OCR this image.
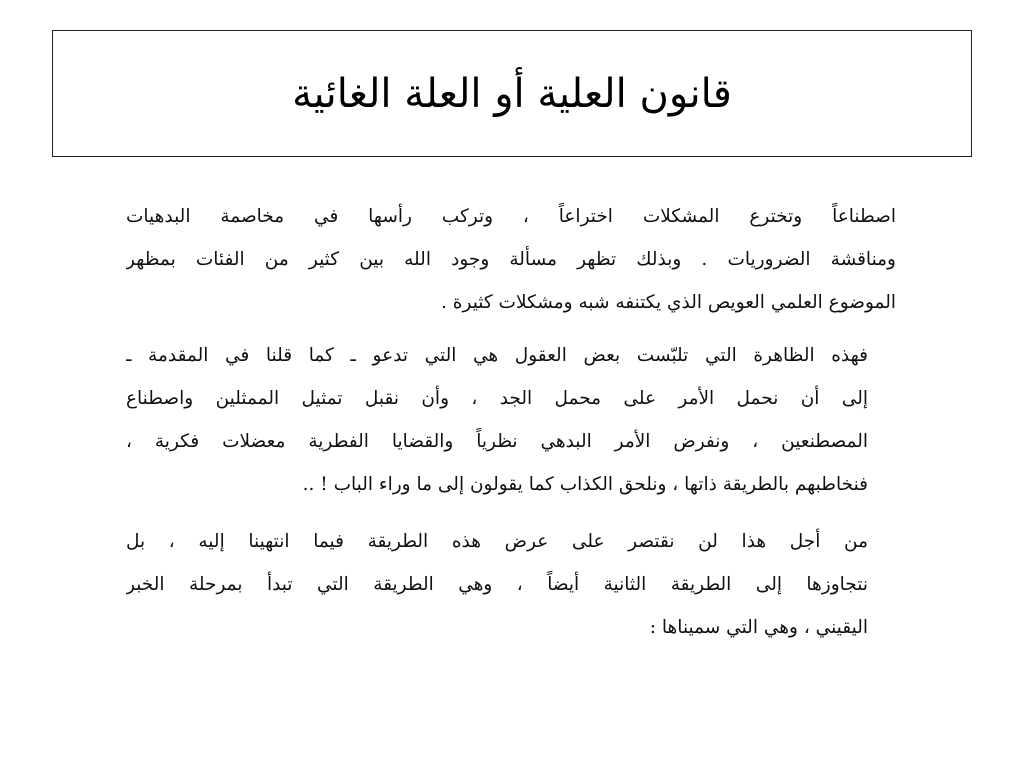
قانون العلية أو العلة الغائية

اصطناعاً وتخترع المشكلات اختراعاً ، وتركب رأسها في مخاصمة البدهيات
ومناقشة الضروريات . وبذلك تظهر مسألة وجود الله بين كثير من الفئات بمظهر
الموضوع العلمي العويص الذي يكتنفه شبه ومشكلات كثيرة .

فهذه الظاهرة التي تلبّست بعض العقول هي التي تدعو ـ كما قلنا في المقدمة ـ
إلى أن نحمل الأمر على محمل الجد ، وأن نقبل تمثيل الممثلين واصطناع
المصطنعين ، ونفرض الأمر البدهي نظرياً والقضايا الفطرية معضلات فكرية ،
فنخاطبهم بالطريقة ذاتها ، ونلحق الكذاب كما يقولون إلى ما وراء الباب ! ..

من أجل هذا لن نقتصر على عرض هذه الطريقة فيما انتهينا إليه ، بل
نتجاوزها إلى الطريقة الثانية أيضاً ، وهي الطريقة التي تبدأ بمرحلة الخبر
اليقيني ، وهي التي سميناها :
